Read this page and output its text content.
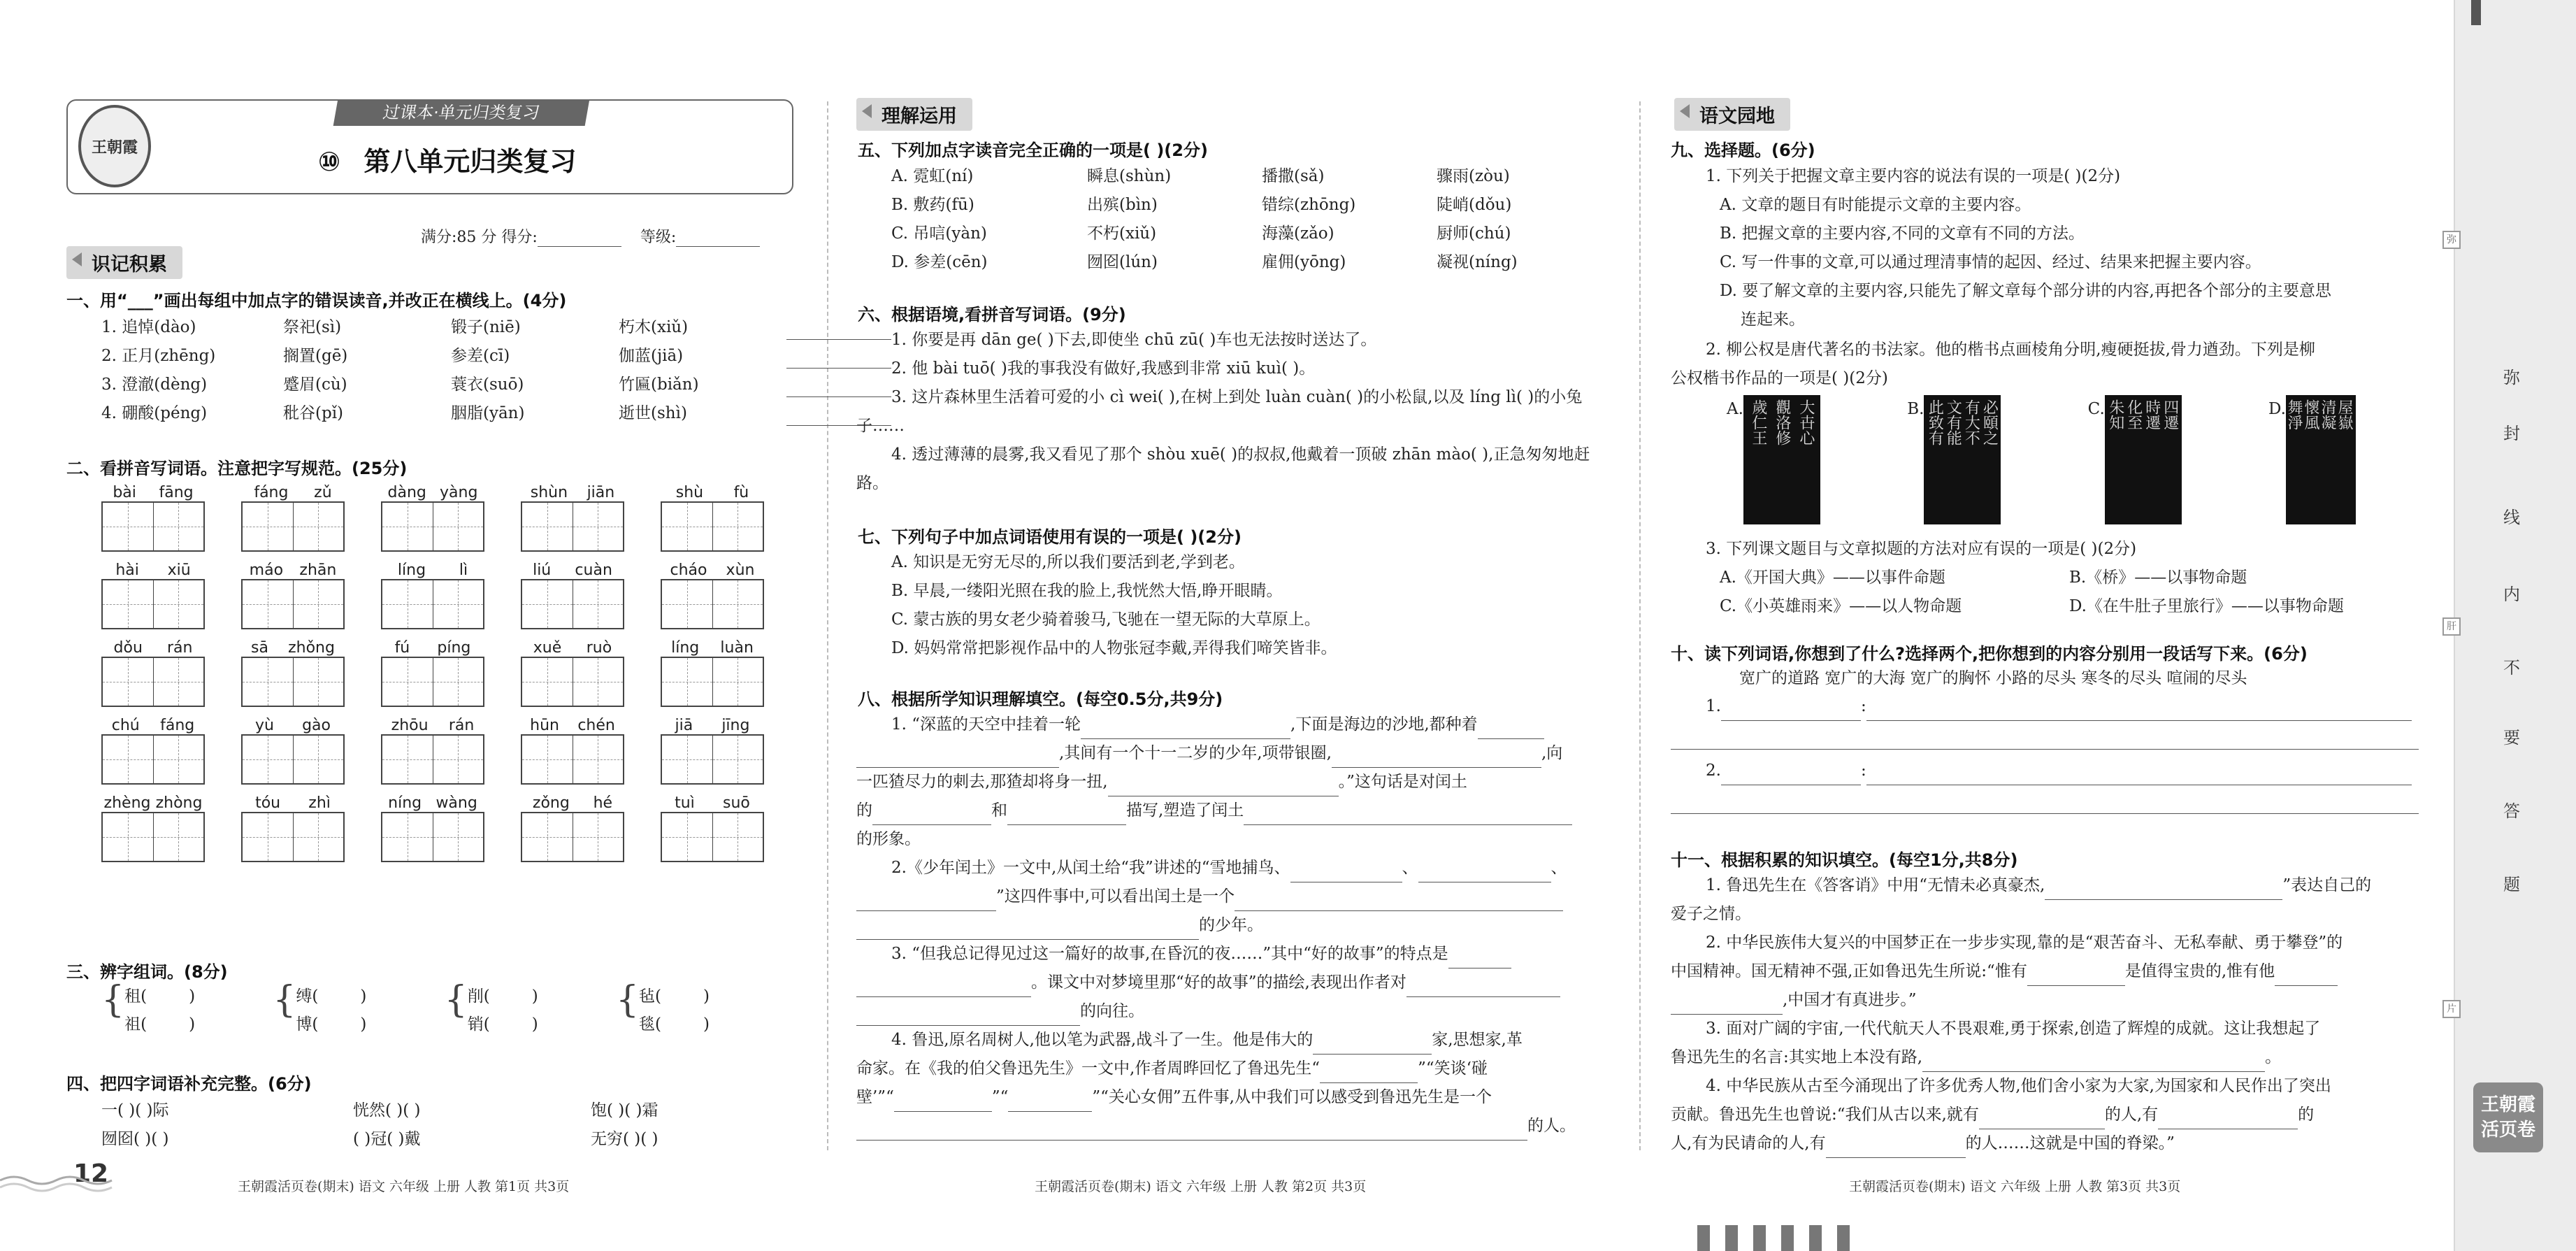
弥
封
线
内
不
要
答
题
弥
肝
片
王朝霞
活页卷
王朝霞
过课本·单元归类复习
⑩ 第八单元归类复习
满分:85 分 得分:	等级:
识记积累
一、用“___”画出每组中加点字的错误读音,并改正在横线上。(4分)
1. 追悼(dào)	祭祀(sì)	锻子(niē)	朽木(xiǔ)
2. 正月(zhēng)	搁置(gē)	参差(cī)	伽蓝(jiā)
3. 澄澈(dèng)	蹙眉(cù)	蓑衣(suō)	竹匾(biǎn)
4. 硼酸(péng)	秕谷(pǐ)	胭脂(yān)	逝世(shì)
二、看拼音写词语。注意把字写规范。(25分)
bài fāng	fáng zǔ	dàng yàng	shùn jiān	shù fù
hài xiū	máo zhān	líng lì	liú cuàn	cháo xùn
dǒu rán	sā zhǒng	fú píng	xuě ruò	líng luàn
chú fáng	yù gào	zhōu rán	hūn chén	jiā jīng
zhèng zhòng	tóu zhì	níng wàng	zǒng hé	tuì suō
三、辨字组词。(8分)
{ 租(	)
祖(	)
{ 缚(	)
博(	)
{ 削(	)
销(	)
{ 毡(	)
毯(	)
四、把四字词语补充完整。(6分)
一( )( )际	恍然( )( )	饱( )( )霜
囫囵( )( )	( )冠( )戴	无穷( )( )
12
理解运用
五、下列加点字读音完全正确的一项是( )(2分)
A. 霓虹(ní)	瞬息(shùn)	播撒(sǎ)	骤雨(zòu)
B. 敷药(fū)	出殡(bìn)	错综(zhōng)	陡峭(dǒu)
C. 吊唁(yàn)	不朽(xiǔ)	海藻(zǎo)	厨师(chú)
D. 参差(cēn)	囫囵(lún)	雇佣(yōng)	凝视(níng)
六、根据语境,看拼音写词语。(9分)
1. 你要是再 dān ge( )下去,即使坐 chū zū( )车也无法按时送达了。
2. 他 bài tuō( )我的事我没有做好,我感到非常 xiū kuì( )。
3. 这片森林里生活着可爱的小 cì wei( ),在树上到处 luàn cuàn( )的小松鼠,以及 líng lì( )的小兔子……
4. 透过薄薄的晨雾,我又看见了那个 shòu xuē( )的叔叔,他戴着一顶破 zhān mào( ),正急匆匆地赶路。
七、下列句子中加点词语使用有误的一项是( )(2分)
A. 知识是无穷无尽的,所以我们要活到老,学到老。
B. 早晨,一缕阳光照在我的脸上,我恍然大悟,睁开眼睛。
C. 蒙古族的男女老少骑着骏马,飞驰在一望无际的大草原上。
D. 妈妈常常把影视作品中的人物张冠李戴,弄得我们啼笑皆非。
八、根据所学知识理解填空。(每空0.5分,共9分)
1. “深蓝的天空中挂着一轮	,下面是海边的沙地,都种着
,其间有一个十一二岁的少年,项带银圈,	,向
一匹猹尽力的刺去,那猹却将身一扭,	。”这句话是对闰土
的	和	描写,塑造了闰土
的形象。
2.《少年闰土》一文中,从闰土给“我”讲述的“雪地捕鸟、	、	、
”这四件事中,可以看出闰土是一个
的少年。
3. “但我总记得见过这一篇好的故事,在昏沉的夜……”其中“好的故事”的特点是
。课文中对梦境里那“好的故事”的描绘,表现出作者对
的向往。
4. 鲁迅,原名周树人,他以笔为武器,战斗了一生。他是伟大的	家,思想家,革
命家。在《我的伯父鲁迅先生》一文中,作者周晔回忆了鲁迅先生“	”“笑谈‘碰
壁’”“	”“	”“关心女佣”五件事,从中我们可以感受到鲁迅先生是一个
的人。
语文园地
九、选择题。(6分)
1. 下列关于把握文章主要内容的说法有误的一项是( )(2分)
A. 文章的题目有时能提示文章的主要内容。
B. 把握文章的主要内容,不同的文章有不同的方法。
C. 写一件事的文章,可以通过理清事情的起因、经过、结果来把握主要内容。
D. 要了解文章的主要内容,只能先了解文章每个部分讲的内容,再把各个部分的主要意思
连起来。
2. 柳公权是唐代著名的书法家。他的楷书点画棱角分明,瘦硬挺拔,骨力遒劲。下列是柳
公权楷书作品的一项是( )(2分)
A.	大卋心
觀洛修
歲仁王	B.	必頤之
有大不
文有能
此致有	C.	四遷
時遷
化至
朱知	D.	屋嶽
清凝
懷風
舞淨
3. 下列课文题目与文章拟题的方法对应有误的一项是( )(2分)
A.《开国大典》——以事件命题	B.《桥》——以事物命题
C.《小英雄雨来》——以人物命题	D.《在牛肚子里旅行》——以事物命题
十、读下列词语,你想到了什么?选择两个,把你想到的内容分别用一段话写下来。(6分)
宽广的道路 宽广的大海 宽广的胸怀 小路的尽头 寒冬的尽头 喧闹的尽头
1.	:
2.	:
十一、根据积累的知识填空。(每空1分,共8分)
1. 鲁迅先生在《答客诮》中用“无情未必真豪杰,	”表达自己的
爱子之情。
2. 中华民族伟大复兴的中国梦正在一步步实现,靠的是“艰苦奋斗、无私奉献、勇于攀登”的
中国精神。国无精神不强,正如鲁迅先生所说:“惟有	是值得宝贵的,惟有他
,中国才有真进步。”
3. 面对广阔的宇宙,一代代航天人不畏艰难,勇于探索,创造了辉煌的成就。这让我想起了
鲁迅先生的名言:其实地上本没有路,	。
4. 中华民族从古至今涌现出了许多优秀人物,他们舍小家为大家,为国家和人民作出了突出
贡献。鲁迅先生也曾说:“我们从古以来,就有	的人,有	的
人,有为民请命的人,有	的人……这就是中国的脊梁。”
王朝霞活页卷(期末) 语文 六年级 上册 人教 第1页 共3页	王朝霞活页卷(期末) 语文 六年级 上册 人教 第2页 共3页	王朝霞活页卷(期末) 语文 六年级 上册 人教 第3页 共3页
